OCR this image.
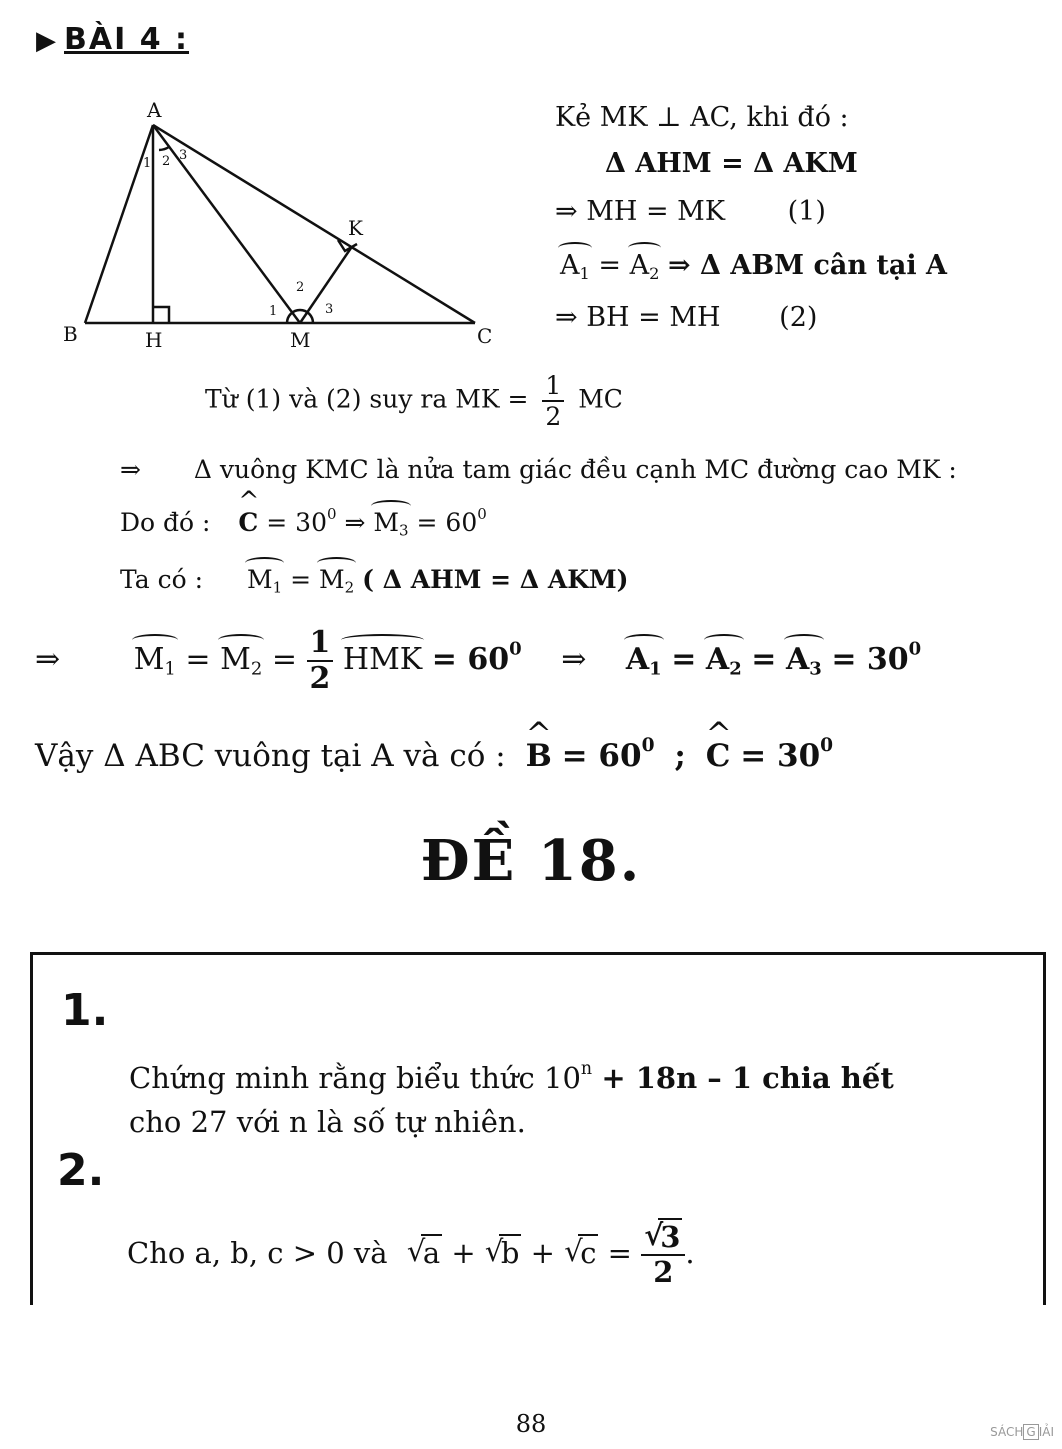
▶ BÀI 4 :
A
B	C
H	M
K
1 2 3
1
2
3
Kẻ MK ⊥ AC, khi đó :
Δ AHM = Δ AKM
⇒ MH = MK (1)
$A_1 = A_2$ ⇒ Δ ABM cân tại A
⇒ BH = MH (2)
Từ (1) và (2) suy ra MK = $\frac{1}{2}$ MC
⇒ Δ vuông KMC là nửa tam giác đều cạnh MC đường cao MK :
Do đó : ^ $C = 30^0$ ⇒ $M_3 = 60^0$
Ta có : $M_1 = M_2$ ( Δ AHM = Δ AKM)
⇒ $M_1 = M_2 = \frac{1}{2}$ HMK = $60^0$ ⇒ $A_1 = A_2 = A_3 = 30^0$
Vậy Δ ABC vuông tại A và có : ^ $B = 60^0$ ; ^ $C = 30^0$
ĐỀ 18.
1.
Chứng minh rằng biểu thức $10^n + 18n - 1$ chia hết
cho 27 với n là số tự nhiên.
2.
Cho a, b, c > 0 và √ a + √ b + √ c = √ $\frac{3}{2}$ .
88	SÁCH G IẢI
